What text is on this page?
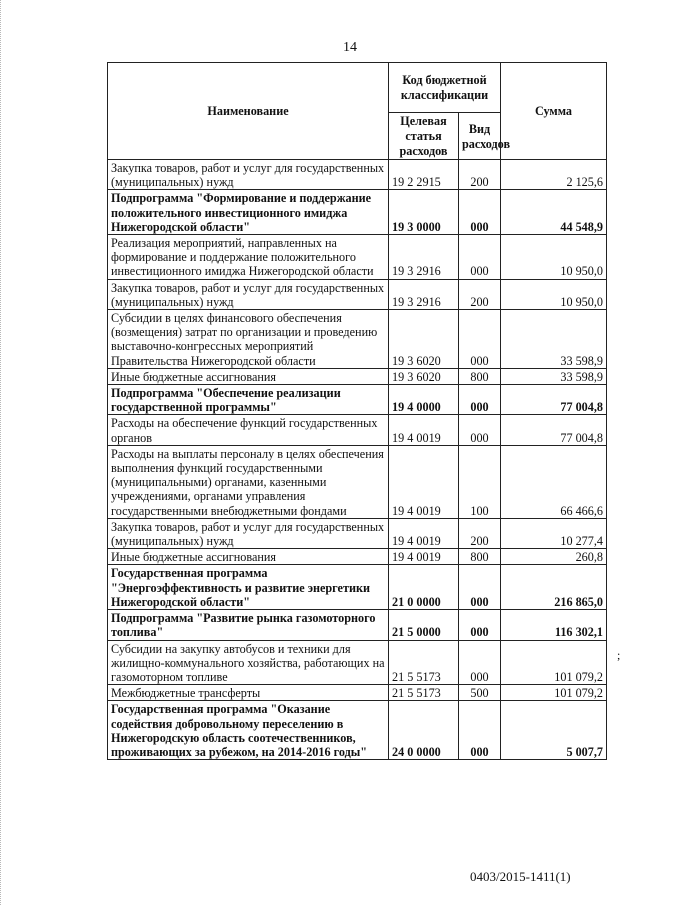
14
Наименование	Код бюджетной классификации		Сумма
	Целевая статья расходов	Вид расходов	
Закупка товаров, работ и услуг для государственных (муниципальных) нужд	19 2 2915	200	2 125,6
Подпрограмма "Формирование и поддержание положительного инвестиционного имиджа Нижегородской области"	19 3 0000	000	44 548,9
Реализация мероприятий, направленных на формирование и поддержание положительного инвестиционного имиджа Нижегородской области	19 3 2916	000	10 950,0
Закупка товаров, работ и услуг для государственных (муниципальных) нужд	19 3 2916	200	10 950,0
Субсидии в целях финансового обеспечения (возмещения) затрат по организации и проведению выставочно-конгрессных мероприятий Правительства Нижегородской области	19 3 6020	000	33 598,9
Иные бюджетные ассигнования	19 3 6020	800	33 598,9
Подпрограмма "Обеспечение реализации государственной программы"	19 4 0000	000	77 004,8
Расходы на обеспечение функций государственных органов	19 4 0019	000	77 004,8
Расходы на выплаты персоналу в целях обеспечения выполнения функций государственными (муниципальными) органами, казенными учреждениями, органами управления государственными внебюджетными фондами	19 4 0019	100	66 466,6
Закупка товаров, работ и услуг для государственных (муниципальных) нужд	19 4 0019	200	10 277,4
Иные бюджетные ассигнования	19 4 0019	800	260,8
Государственная программа "Энергоэффективность и развитие энергетики Нижегородской области"	21 0 0000	000	216 865,0
Подпрограмма "Развитие рынка газомоторного топлива"	21 5 0000	000	116 302,1
Субсидии на закупку автобусов и техники для жилищно-коммунального хозяйства, работающих на газомоторном топливе	21 5 5173	000	101 079,2
Межбюджетные трансферты	21 5 5173	500	101 079,2
Государственная программа "Оказание содействия добровольному переселению в Нижегородскую область соотечественников, проживающих за рубежом, на 2014-2016 годы"	24 0 0000	000	5 007,7
;
0403/2015-1411(1)
